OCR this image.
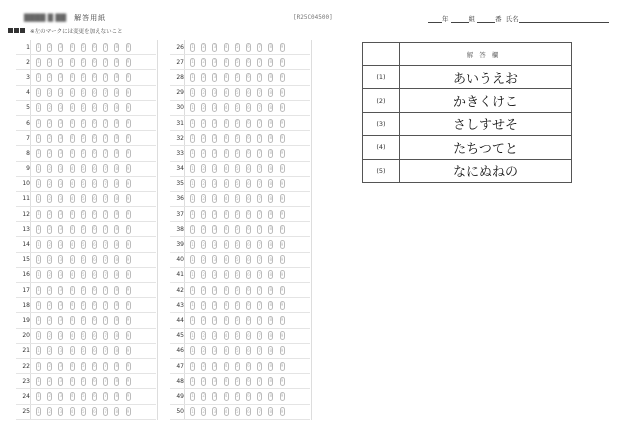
████ █ ██ 解答用紙	[R25C04500]	年	組	番 氏名
※左のマークには変更を加えないこと
1	1	2	3	4	5	6	7	8	9
2	1	2	3	4	5	6	7	8	9
3	1	2	3	4	5	6	7	8	9
4	1	2	3	4	5	6	7	8	9
5	1	2	3	4	5	6	7	8	9
6	1	2	3	4	5	6	7	8	9
7	1	2	3	4	5	6	7	8	9
8	1	2	3	4	5	6	7	8	9
9	1	2	3	4	5	6	7	8	9
10	1	2	3	4	5	6	7	8	9
11	1	2	3	4	5	6	7	8	9
12	1	2	3	4	5	6	7	8	9
13	1	2	3	4	5	6	7	8	9
14	1	2	3	4	5	6	7	8	9
15	1	2	3	4	5	6	7	8	9
16	1	2	3	4	5	6	7	8	9
17	1	2	3	4	5	6	7	8	9
18	1	2	3	4	5	6	7	8	9
19	1	2	3	4	5	6	7	8	9
20	1	2	3	4	5	6	7	8	9
21	1	2	3	4	5	6	7	8	9
22	1	2	3	4	5	6	7	8	9
23	1	2	3	4	5	6	7	8	9
24	1	2	3	4	5	6	7	8	9
25	1	2	3	4	5	6	7	8	9
26	1	2	3	4	5	6	7	8	9
27	1	2	3	4	5	6	7	8	9
28	1	2	3	4	5	6	7	8	9
29	1	2	3	4	5	6	7	8	9
30	1	2	3	4	5	6	7	8	9
31	1	2	3	4	5	6	7	8	9
32	1	2	3	4	5	6	7	8	9
33	1	2	3	4	5	6	7	8	9
34	1	2	3	4	5	6	7	8	9
35	1	2	3	4	5	6	7	8	9
36	1	2	3	4	5	6	7	8	9
37	1	2	3	4	5	6	7	8	9
38	1	2	3	4	5	6	7	8	9
39	1	2	3	4	5	6	7	8	9
40	1	2	3	4	5	6	7	8	9
41	1	2	3	4	5	6	7	8	9
42	1	2	3	4	5	6	7	8	9
43	1	2	3	4	5	6	7	8	9
44	1	2	3	4	5	6	7	8	9
45	1	2	3	4	5	6	7	8	9
46	1	2	3	4	5	6	7	8	9
47	1	2	3	4	5	6	7	8	9
48	1	2	3	4	5	6	7	8	9
49	1	2	3	4	5	6	7	8	9
50	1	2	3	4	5	6	7	8	9
	解答欄
(1)	あいうえお
(2)	かきくけこ
(3)	さしすせそ
(4)	たちつてと
(5)	なにぬねの
